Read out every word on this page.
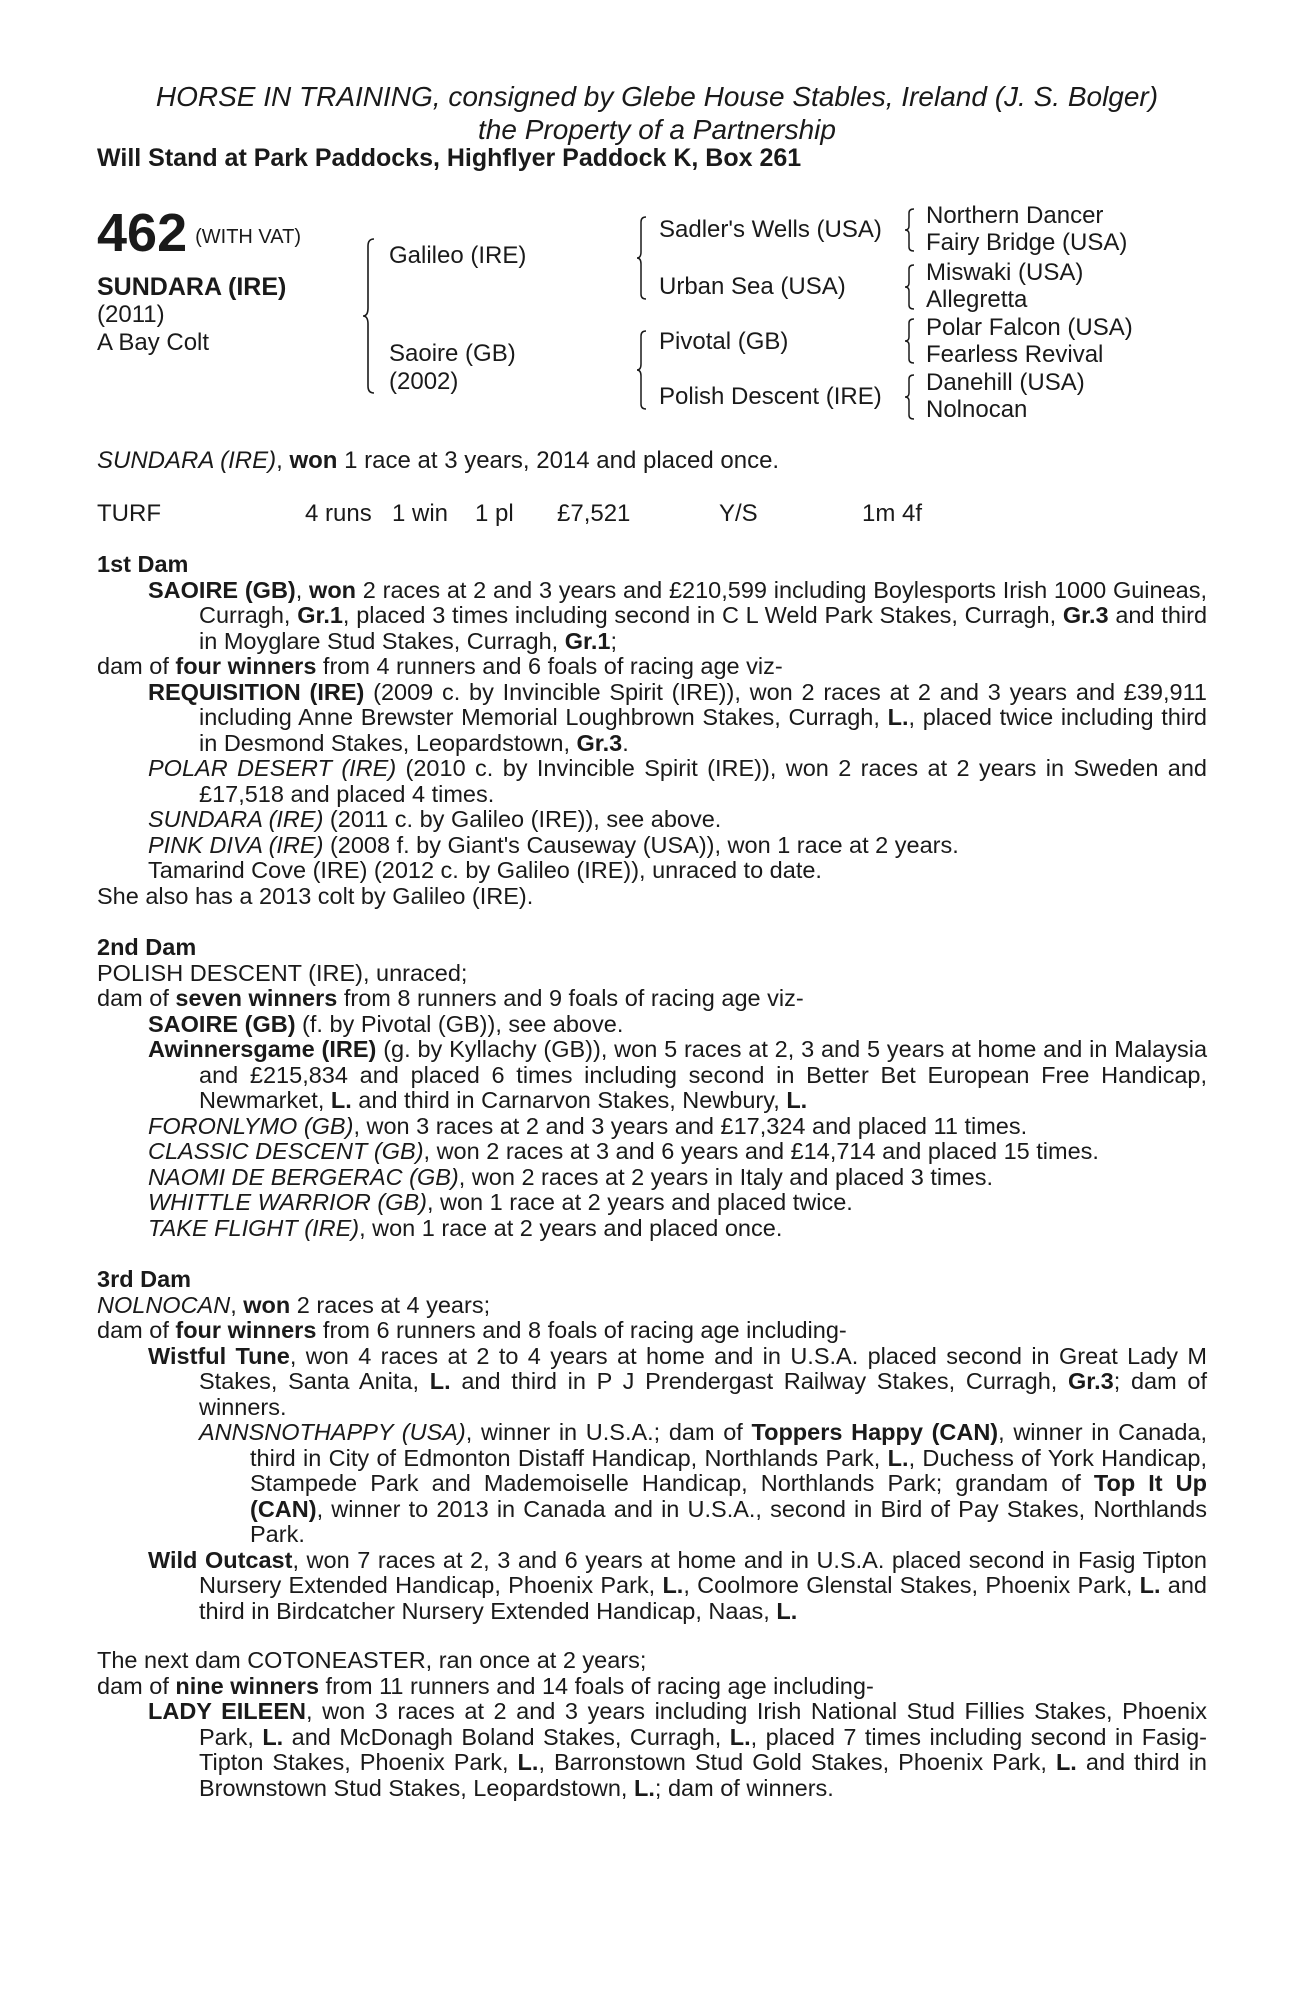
HORSE IN TRAINING, consigned by Glebe House Stables, Ireland (J. S. Bolger)
the Property of a Partnership
Will Stand at Park Paddocks, Highflyer Paddock K, Box 261
462 (WITH VAT)
SUNDARA (IRE)
(2011)
A Bay Colt
Galileo (IRE)
Saoire (GB)
(2002)
Sadler's Wells (USA)
Urban Sea (USA)
Pivotal (GB)
Polish Descent (IRE)
Northern Dancer
Fairy Bridge (USA)
Miswaki (USA)
Allegretta
Polar Falcon (USA)
Fearless Revival
Danehill (USA)
Nolnocan
SUNDARA (IRE), won 1 race at 3 years, 2014 and placed once.
TURF	4 runs 1 win 1 pl £7,521	Y/S	1m 4f

1st Dam

SAOIRE (GB), won 2 races at 2 and 3 years and £210,599 including Boylesports Irish 1000 Guineas, Curragh, Gr.1, placed 3 times including second in C L Weld Park Stakes, Curragh, Gr.3 and third in Moyglare Stud Stakes, Curragh, Gr.1;

dam of four winners from 4 runners and 6 foals of racing age viz-

REQUISITION (IRE) (2009 c. by Invincible Spirit (IRE)), won 2 races at 2 and 3 years and £39,911 including Anne Brewster Memorial Loughbrown Stakes, Curragh, L., placed twice including third in Desmond Stakes, Leopardstown, Gr.3.

POLAR DESERT (IRE) (2010 c. by Invincible Spirit (IRE)), won 2 races at 2 years in Sweden and £17,518 and placed 4 times.

SUNDARA (IRE) (2011 c. by Galileo (IRE)), see above.

PINK DIVA (IRE) (2008 f. by Giant's Causeway (USA)), won 1 race at 2 years.

Tamarind Cove (IRE) (2012 c. by Galileo (IRE)), unraced to date.

She also has a 2013 colt by Galileo (IRE).

2nd Dam

POLISH DESCENT (IRE), unraced;

dam of seven winners from 8 runners and 9 foals of racing age viz-

SAOIRE (GB) (f. by Pivotal (GB)), see above.

Awinnersgame (IRE) (g. by Kyllachy (GB)), won 5 races at 2, 3 and 5 years at home and in Malaysia and £215,834 and placed 6 times including second in Better Bet European Free Handicap, Newmarket, L. and third in Carnarvon Stakes, Newbury, L.

FORONLYMO (GB), won 3 races at 2 and 3 years and £17,324 and placed 11 times.

CLASSIC DESCENT (GB), won 2 races at 3 and 6 years and £14,714 and placed 15 times.

NAOMI DE BERGERAC (GB), won 2 races at 2 years in Italy and placed 3 times.

WHITTLE WARRIOR (GB), won 1 race at 2 years and placed twice.

TAKE FLIGHT (IRE), won 1 race at 2 years and placed once.

3rd Dam

NOLNOCAN, won 2 races at 4 years;

dam of four winners from 6 runners and 8 foals of racing age including-

Wistful Tune, won 4 races at 2 to 4 years at home and in U.S.A. placed second in Great Lady M Stakes, Santa Anita, L. and third in P J Prendergast Railway Stakes, Curragh, Gr.3; dam of winners.

ANNSNOTHAPPY (USA), winner in U.S.A.; dam of Toppers Happy (CAN), winner in Canada, third in City of Edmonton Distaff Handicap, Northlands Park, L., Duchess of York Handicap, Stampede Park and Mademoiselle Handicap, Northlands Park; grandam of Top It Up (CAN), winner to 2013 in Canada and in U.S.A., second in Bird of Pay Stakes, Northlands Park.

Wild Outcast, won 7 races at 2, 3 and 6 years at home and in U.S.A. placed second in Fasig Tipton Nursery Extended Handicap, Phoenix Park, L., Coolmore Glenstal Stakes, Phoenix Park, L. and third in Birdcatcher Nursery Extended Handicap, Naas, L.

The next dam COTONEASTER, ran once at 2 years;

dam of nine winners from 11 runners and 14 foals of racing age including-

LADY EILEEN, won 3 races at 2 and 3 years including Irish National Stud Fillies Stakes, Phoenix Park, L. and McDonagh Boland Stakes, Curragh, L., placed 7 times including second in Fasig-Tipton Stakes, Phoenix Park, L., Barronstown Stud Gold Stakes, Phoenix Park, L. and third in Brownstown Stud Stakes, Leopardstown, L.; dam of winners.
